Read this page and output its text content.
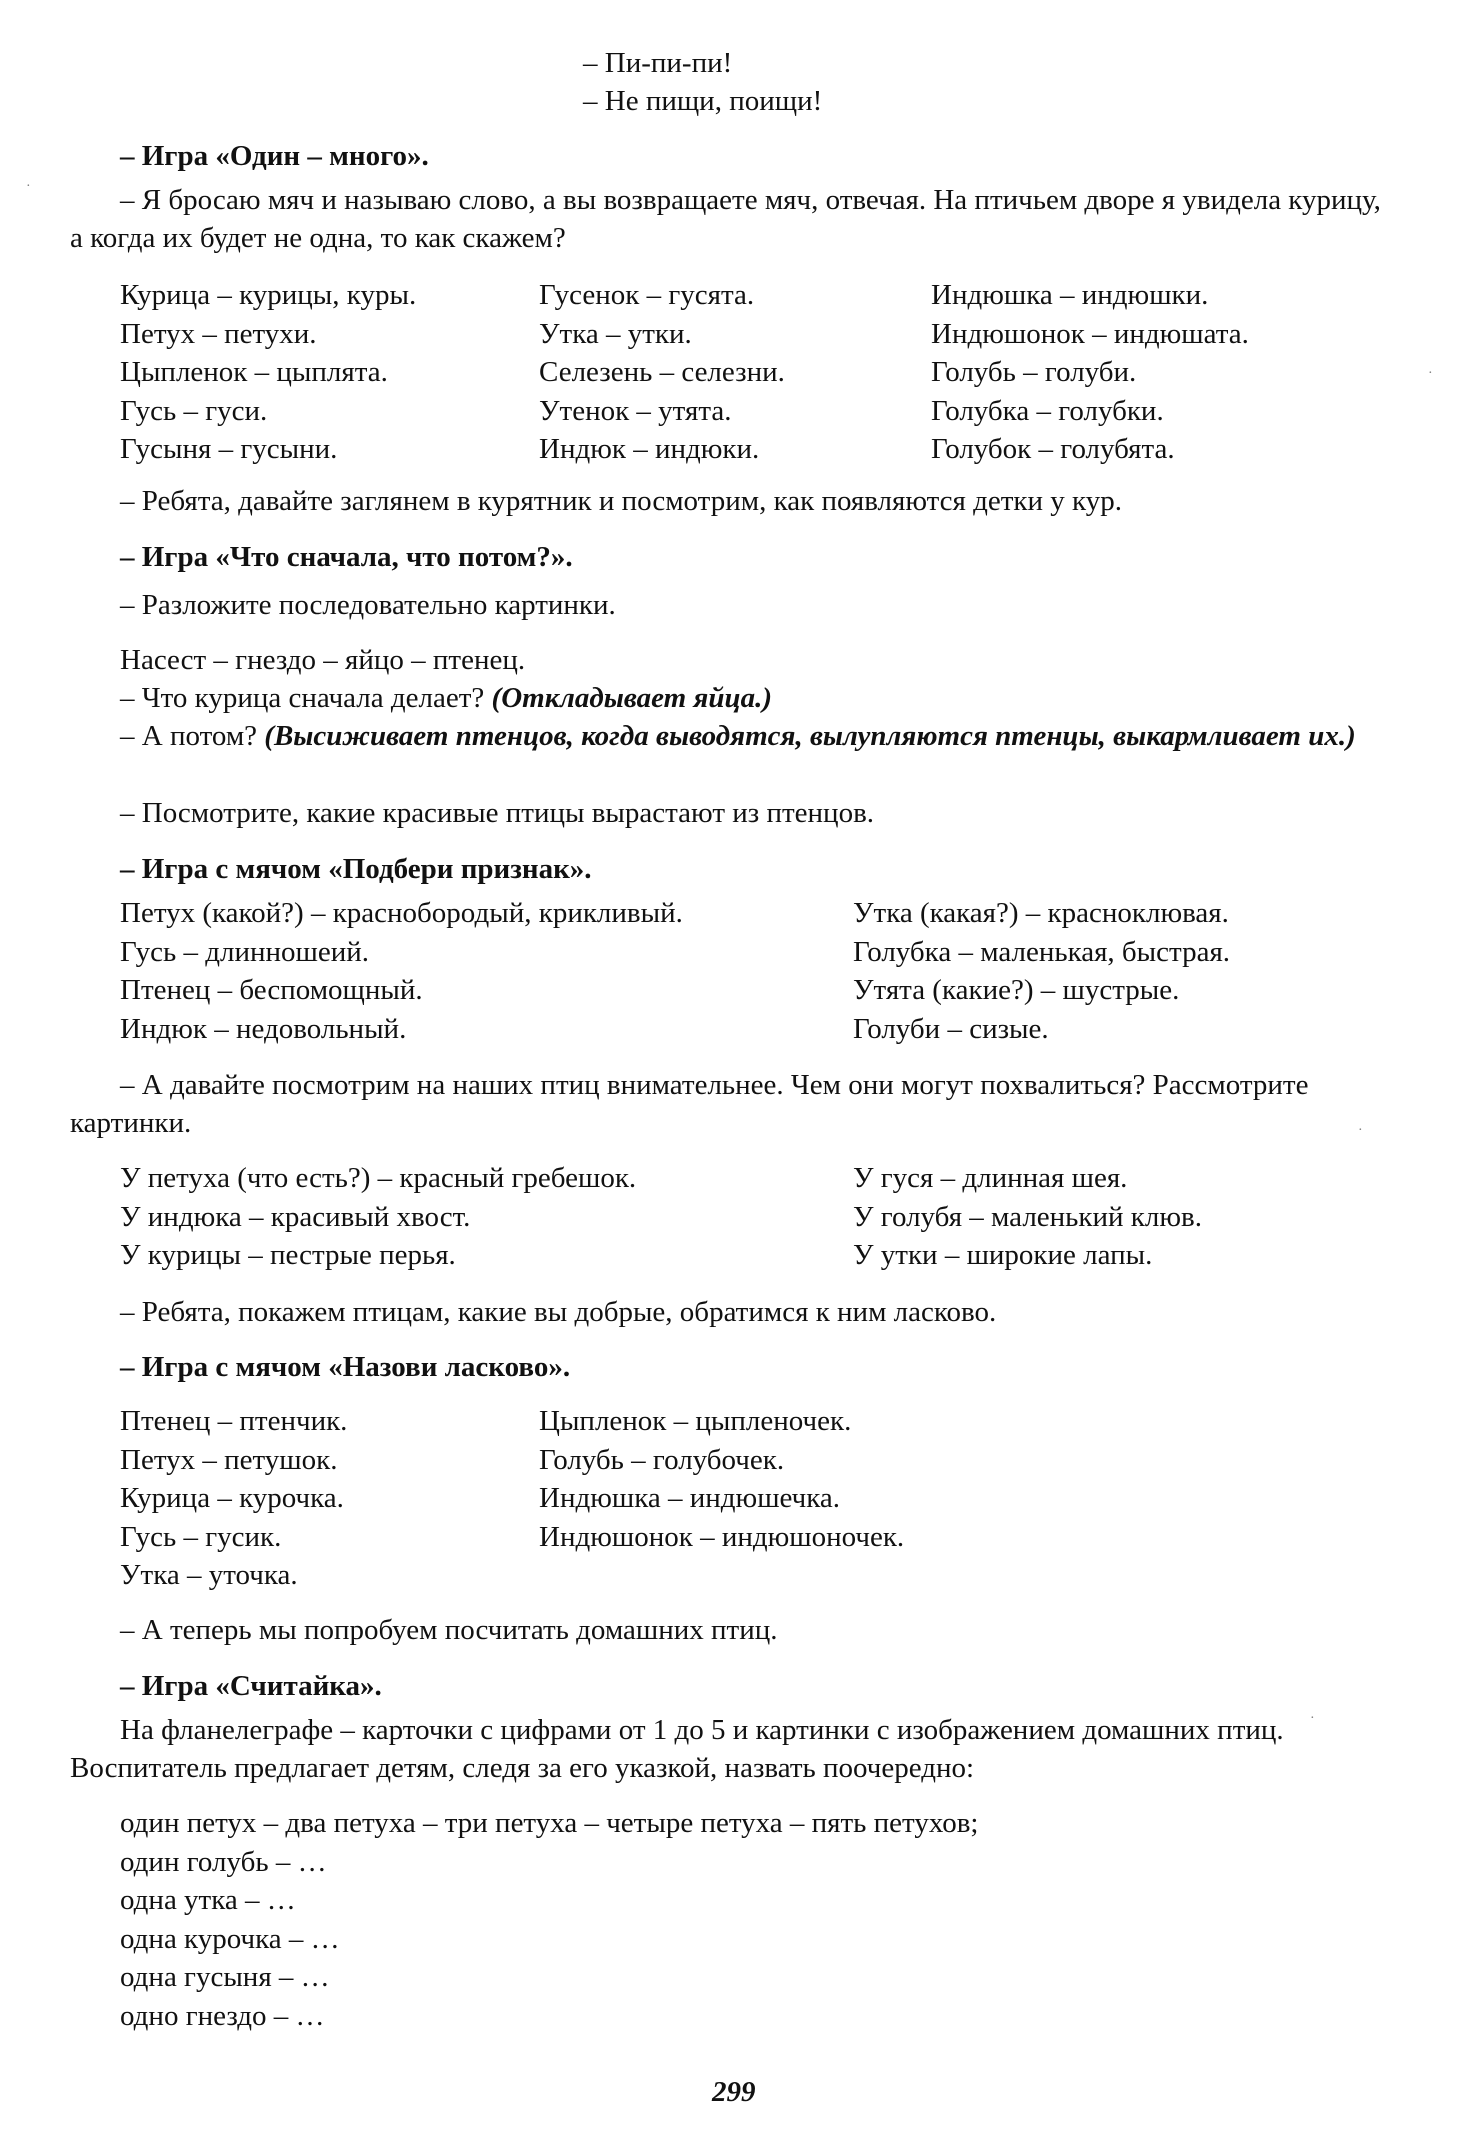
– Пи-пи-пи!
– Не пищи, поищи!
– Игра «Один – много».

– Я бросаю мяч и называю слово, а вы возвращаете мяч, отвечая. На птичьем дворе я увидела курицу, а когда их будет не одна, то как скажем?

Курица – курицы, куры.
Петух – петухи.
Цыпленок – цыплята.
Гусь – гуси.
Гусыня – гусыни.
Гусенок – гусята.
Утка – утки.
Селезень – селезни.
Утенок – утята.
Индюк – индюки.
Индюшка – индюшки.
Индюшонок – индюшата.
Голубь – голуби.
Голубка – голубки.
Голубок – голубята.

– Ребята, давайте заглянем в курятник и посмотрим, как появляются детки у кур.

– Игра «Что сначала, что потом?».
– Разложите последовательно картинки.
Насест – гнездо – яйцо – птенец.
– Что курица сначала делает? (Откладывает яйца.)

– А потом? (Высиживает птенцов, когда выводятся, вылупляются птенцы, выкармливает их.)

– Посмотрите, какие красивые птицы вырастают из птенцов.
– Игра с мячом «Подбери признак».
Петух (какой?) – краснобородый, крикливый.
Гусь – длинношеий.
Птенец – беспомощный.
Индюк – недовольный.
Утка (какая?) – красноклювая.
Голубка – маленькая, быстрая.
Утята (какие?) – шустрые.
Голуби – сизые.

– А давайте посмотрим на наших птиц внимательнее. Чем они могут похвалиться? Рассмотрите картинки.

У петуха (что есть?) – красный гребешок.
У индюка – красивый хвост.
У курицы – пестрые перья.
У гуся – длинная шея.
У голубя – маленький клюв.
У утки – широкие лапы.

– Ребята, покажем птицам, какие вы добрые, обратимся к ним ласково.

– Игра с мячом «Назови ласково».
Птенец – птенчик.
Петух – петушок.
Курица – курочка.
Гусь – гусик.
Утка – уточка.
Цыпленок – цыпленочек.
Голубь – голубочек.
Индюшка – индюшечка.
Индюшонок – индюшоночек.
– А теперь мы попробуем посчитать домашних птиц.
– Игра «Считайка».

На фланелеграфе – карточки с цифрами от 1 до 5 и картинки с изображением домашних птиц. Воспитатель предлагает детям, следя за его указкой, назвать поочередно:

один петух – два петуха – три петуха – четыре петуха – пять петухов;
один голубь – …
одна утка – …
одна курочка – …
одна гусыня – …
одно гнездо – …
299
·
·
·
·
